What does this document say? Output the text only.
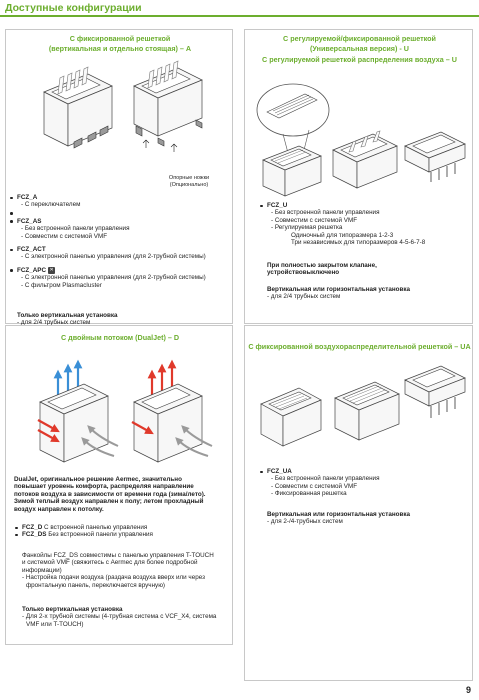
Доступные конфигурации
С фиксированной решеткой
(вертикальная и отдельно стоящая) – A
Опорные ножки
(Опционально)
FCZ_A
- С переключателем
FCZ_AS
- Без встроенной панели управления
- Совместим с системой VMF
FCZ_ACT
- С электронной панелью управления (для 2-трубной системы)
FCZ_APC ✕
- С электронной панелью управления (для 2-трубной системы)
- С фильтром Plasmacluster
Только вертикальная установка
- для 2/4 трубных систем
С регулируемой/фиксированной решеткой
(Универсальная версия) - U
С регулируемой решеткой распределения воздуха – U
FCZ_U
- Без встроенной панели управления
- Совместим с системой VMF
- Регулируемая решетка
Одиночный для типоразмера 1-2-3
Три независимых для типоразмеров 4-5-6-7-8
При полностью закрытом клапане,
устройствовыключено
Вертикальная или горизонтальная установка
- для 2/4 трубных систем
С двойным потоком (DualJet) – D
DualJet, оригинальное решение Aermec, значительно
повышает уровень комфорта, распределяя направление
потоков воздуха в зависимости от времени года (зима/лето).
Зимой теплый воздух направлен к полу; летом прохладный
воздух направлен к потолку.
FCZ_D С встроенной панелью управления
FCZ_DS Без встроенной панели управления
Фанкойлы FCZ_DS совместимы с панелью управления T-TOUCH
и системой VMF (свяжитесь с Aermec для более подробной
информации)
- Настройка подачи воздуха (раздача воздуха вверх или через
фронтальную панель, переключается вручную)
Только вертикальная установка
- Для 2-х трубной системы (4-трубная система с VCF_X4, система
VMF или T-TOUCH)
С фиксированной воздухораспределительной решеткой – UA
FCZ_UA
- Без встроенной панели управления
- Совместим с системой VMF
- Фиксированная решетка
Вертикальная или горизонтальная установка
- для 2-/4-трубных систем
9
